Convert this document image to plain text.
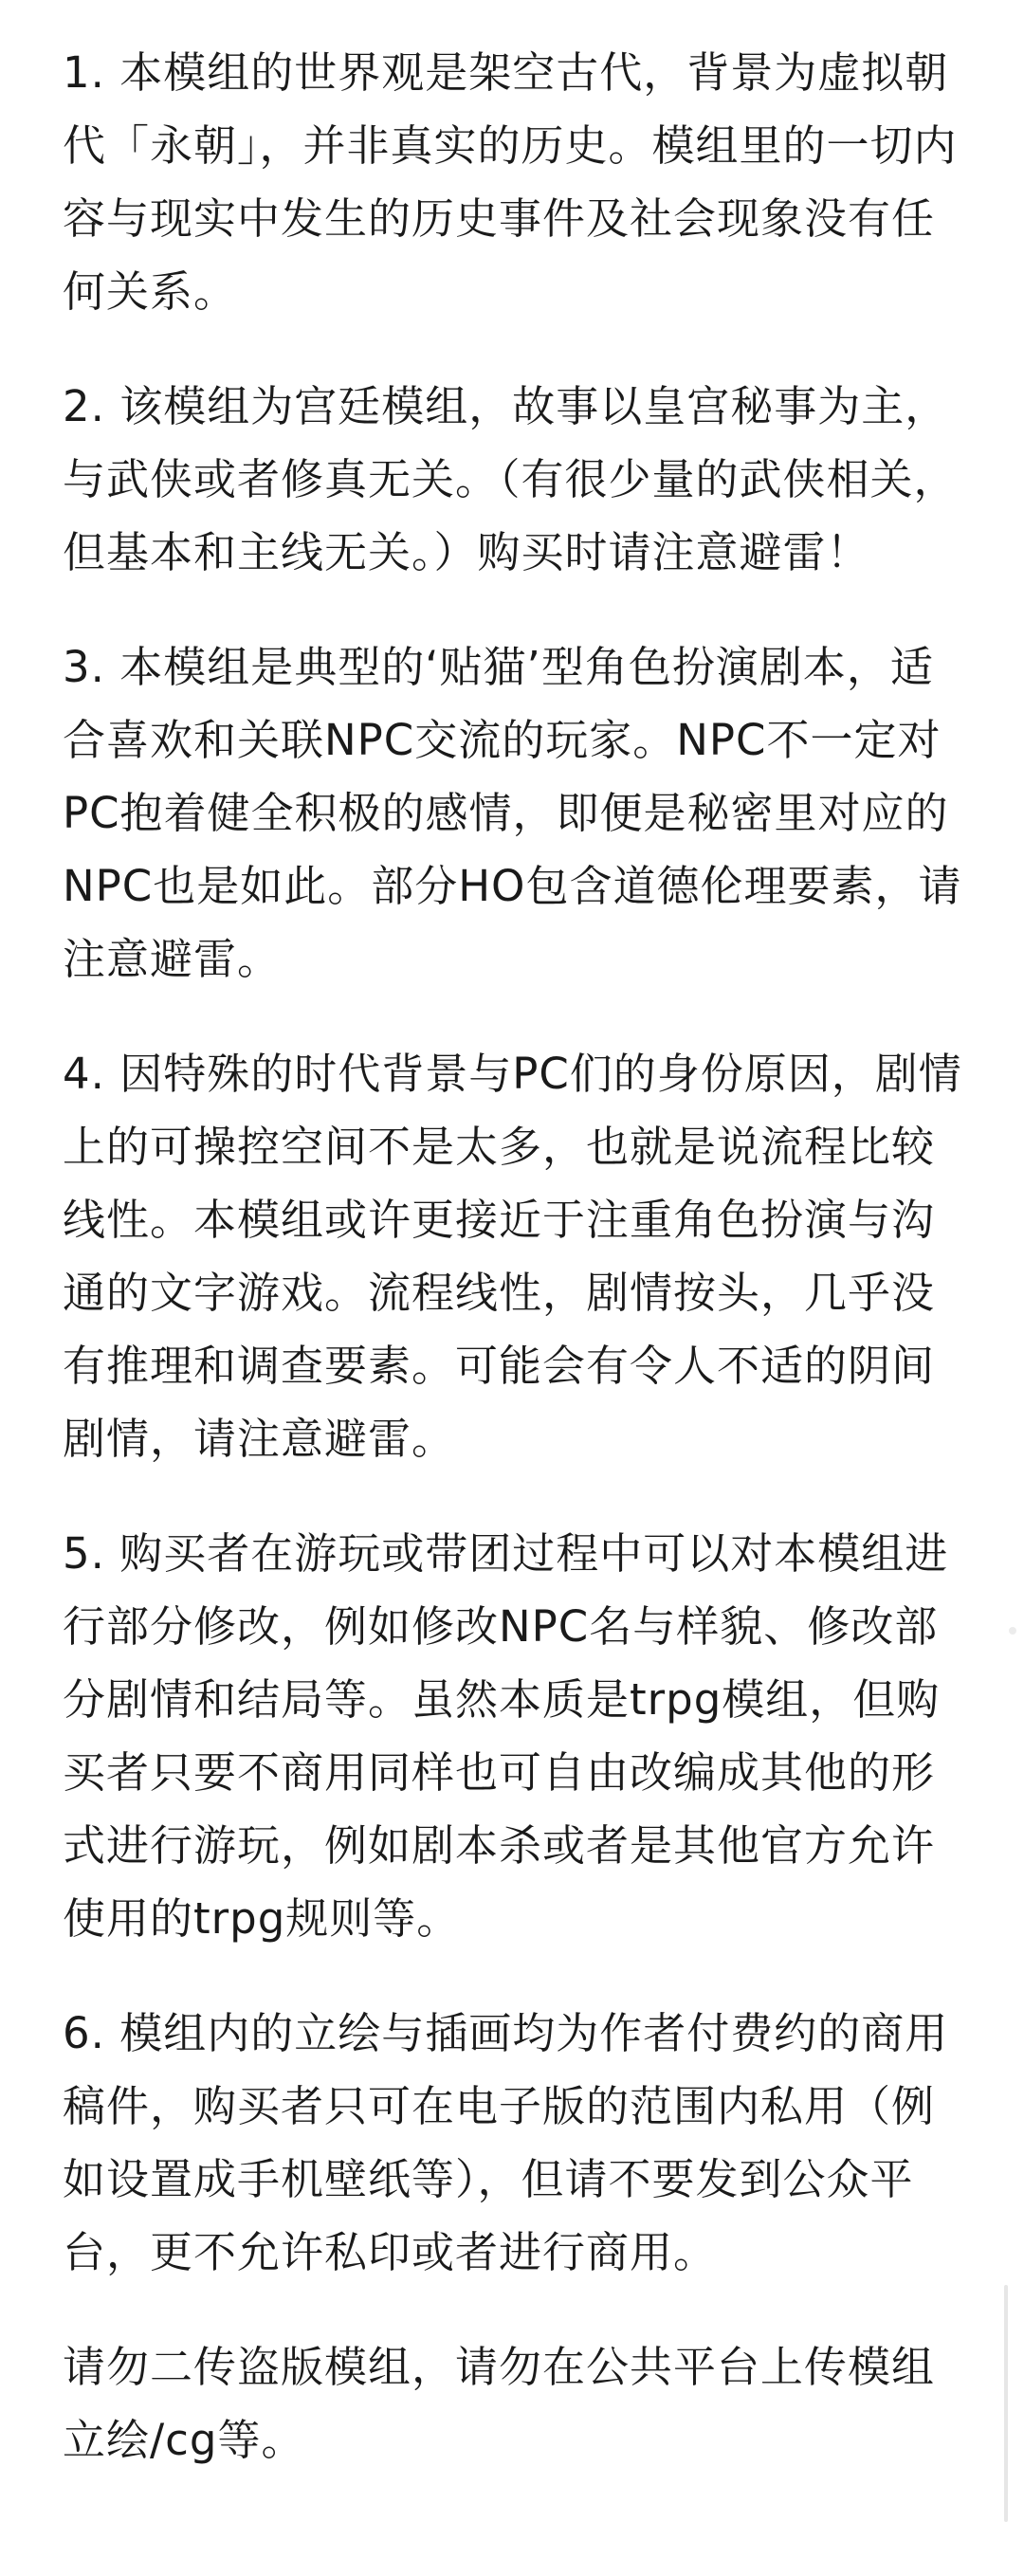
1. 本模组的世界观是架空古代，背景为虚拟朝代「永朝」，并非真实的历史。模组里的一切内容与现实中发生的历史事件及社会现象没有任何关系。

2. 该模组为宫廷模组，故事以皇宫秘事为主，与武侠或者修真无关。（有很少量的武侠相关，但基本和主线无关。）购买时请注意避雷！

3. 本模组是典型的‘贴猫’型角色扮演剧本，适合喜欢和关联NPC交流的玩家。NPC不一定对PC抱着健全积极的感情，即便是秘密里对应的NPC也是如此。部分HO包含道德伦理要素，请注意避雷。

4. 因特殊的时代背景与PC们的身份原因，剧情上的可操控空间不是太多，也就是说流程比较线性。本模组或许更接近于注重角色扮演与沟通的文字游戏。流程线性，剧情按头，几乎没有推理和调查要素。可能会有令人不适的阴间剧情，请注意避雷。

5. 购买者在游玩或带团过程中可以对本模组进行部分修改，例如修改NPC名与样貌、修改部分剧情和结局等。虽然本质是trpg模组，但购买者只要不商用同样也可自由改编成其他的形式进行游玩，例如剧本杀或者是其他官方允许使用的trpg规则等。

6. 模组内的立绘与插画均为作者付费约的商用稿件，购买者只可在电子版的范围内私用（例如设置成手机壁纸等），但请不要发到公众平台，更不允许私印或者进行商用。

请勿二传盗版模组，请勿在公共平台上传模组立绘/cg等。
